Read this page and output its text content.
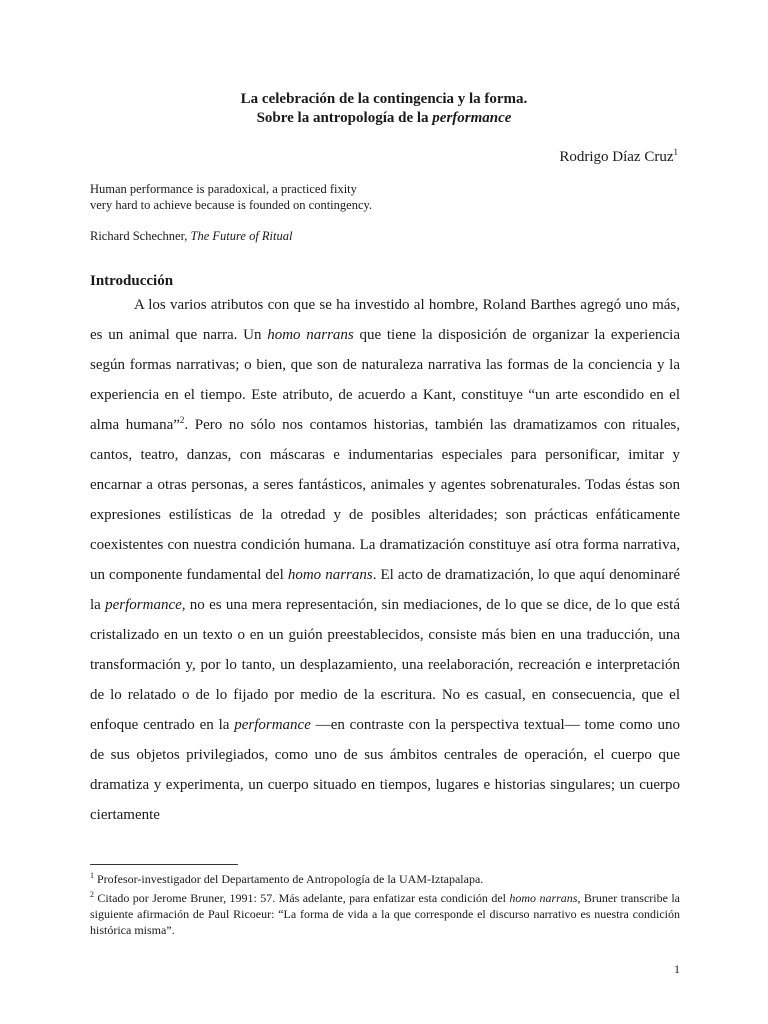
La celebración de la contingencia y la forma.
Sobre la antropología de la performance
Rodrigo Díaz Cruz$^1$
Human performance is paradoxical, a practiced fixity
very hard to achieve because is founded on contingency.
Richard Schechner, The Future of Ritual
Introducción
A los varios atributos con que se ha investido al hombre, Roland Barthes agregó uno más, es un animal que narra. Un homo narrans que tiene la disposición de organizar la experiencia según formas narrativas; o bien, que son de naturaleza narrativa las formas de la conciencia y la experiencia en el tiempo. Este atributo, de acuerdo a Kant, constituye “un arte escondido en el alma humana”$^2$. Pero no sólo nos contamos historias, también las dramatizamos con rituales, cantos, teatro, danzas, con máscaras e indumentarias especiales para personificar, imitar y encarnar a otras personas, a seres fantásticos, animales y agentes sobrenaturales. Todas éstas son expresiones estilísticas de la otredad y de posibles alteridades; son prácticas enfáticamente coexistentes con nuestra condición humana. La dramatización constituye así otra forma narrativa, un componente fundamental del homo narrans. El acto de dramatización, lo que aquí denominaré la performance, no es una mera representación, sin mediaciones, de lo que se dice, de lo que está cristalizado en un texto o en un guión preestablecidos, consiste más bien en una traducción, una transformación y, por lo tanto, un desplazamiento, una reelaboración, recreación e interpretación de lo relatado o de lo fijado por medio de la escritura. No es casual, en consecuencia, que el enfoque centrado en la performance —en contraste con la perspectiva textual— tome como uno de sus objetos privilegiados, como uno de sus ámbitos centrales de operación, el cuerpo que dramatiza y experimenta, un cuerpo situado en tiempos, lugares e historias singulares; un cuerpo ciertamente

$^1$ Profesor-investigador del Departamento de Antropología de la UAM-Iztapalapa.

$^2$ Citado por Jerome Bruner, 1991: 57. Más adelante, para enfatizar esta condición del homo narrans, Bruner transcribe la siguiente afirmación de Paul Ricoeur: “La forma de vida a la que corresponde el discurso narrativo es nuestra condición histórica misma”.

1
